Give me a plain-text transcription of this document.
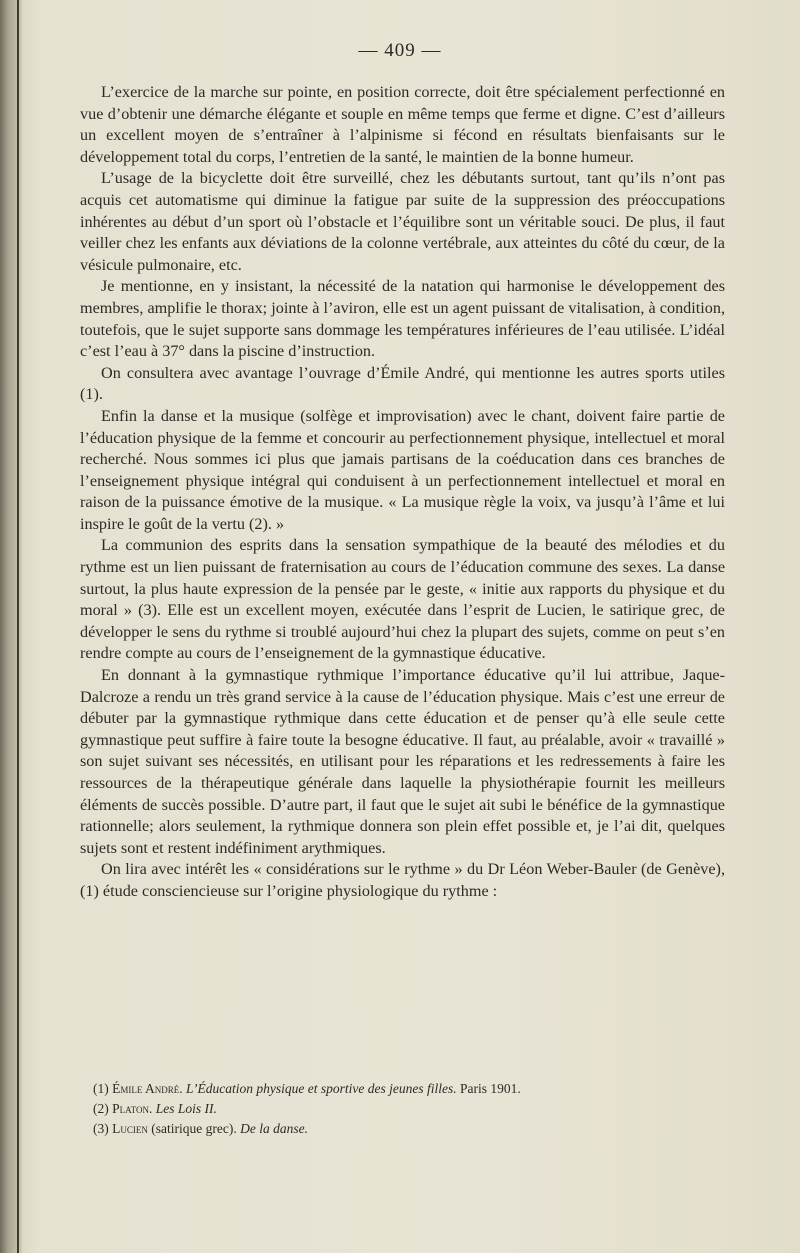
— 409 —

L’exercice de la marche sur pointe, en position correcte, doit être spécialement perfectionné en vue d’obtenir une démarche élégante et souple en même temps que ferme et digne. C’est d’ailleurs un excellent moyen de s’entraîner à l’alpinisme si fécond en résultats bienfaisants sur le développement total du corps, l’entretien de la santé, le maintien de la bonne humeur.

L’usage de la bicyclette doit être surveillé, chez les débutants surtout, tant qu’ils n’ont pas acquis cet automatisme qui diminue la fatigue par suite de la suppression des préoccupations inhérentes au début d’un sport où l’obstacle et l’équilibre sont un véritable souci. De plus, il faut veiller chez les enfants aux déviations de la colonne vertébrale, aux atteintes du côté du cœur, de la vésicule pulmonaire, etc.

Je mentionne, en y insistant, la nécessité de la natation qui harmonise le développement des membres, amplifie le thorax; jointe à l’aviron, elle est un agent puissant de vitalisation, à condition, toutefois, que le sujet supporte sans dommage les températures inférieures de l’eau utilisée. L’idéal c’est l’eau à 37° dans la piscine d’instruction.

On consultera avec avantage l’ouvrage d’Émile André, qui mentionne les autres sports utiles (1).

Enfin la danse et la musique (solfège et improvisation) avec le chant, doivent faire partie de l’éducation physique de la femme et concourir au perfectionnement physique, intellectuel et moral recherché. Nous sommes ici plus que jamais partisans de la coéducation dans ces branches de l’enseignement physique intégral qui conduisent à un perfectionnement intellectuel et moral en raison de la puissance émotive de la musique. « La musique règle la voix, va jusqu’à l’âme et lui inspire le goût de la vertu (2). »

La communion des esprits dans la sensation sympathique de la beauté des mélodies et du rythme est un lien puissant de fraternisation au cours de l’éducation commune des sexes. La danse surtout, la plus haute expression de la pensée par le geste, « initie aux rapports du physique et du moral » (3). Elle est un excellent moyen, exécutée dans l’esprit de Lucien, le satirique grec, de développer le sens du rythme si troublé aujourd’hui chez la plupart des sujets, comme on peut s’en rendre compte au cours de l’enseignement de la gymnastique éducative.

En donnant à la gymnastique rythmique l’importance éducative qu’il lui attribue, Jaque-Dalcroze a rendu un très grand service à la cause de l’éducation physique. Mais c’est une erreur de débuter par la gymnastique rythmique dans cette éducation et de penser qu’à elle seule cette gymnastique peut suffire à faire toute la besogne éducative. Il faut, au préalable, avoir « travaillé » son sujet suivant ses nécessités, en utilisant pour les réparations et les redressements à faire les ressources de la thérapeutique générale dans laquelle la physiothérapie fournit les meilleurs éléments de succès possible. D’autre part, il faut que le sujet ait subi le bénéfice de la gymnastique rationnelle; alors seulement, la rythmique donnera son plein effet possible et, je l’ai dit, quelques sujets sont et restent indéfiniment arythmiques.

On lira avec intérêt les « considérations sur le rythme » du Dr Léon Weber-Bauler (de Genève), (1) étude consciencieuse sur l’origine physiologique du rythme :

(1) Émile André. L’Éducation physique et sportive des jeunes filles. Paris 1901.
(2) Platon. Les Lois II.
(3) Lucien (satirique grec). De la danse.
